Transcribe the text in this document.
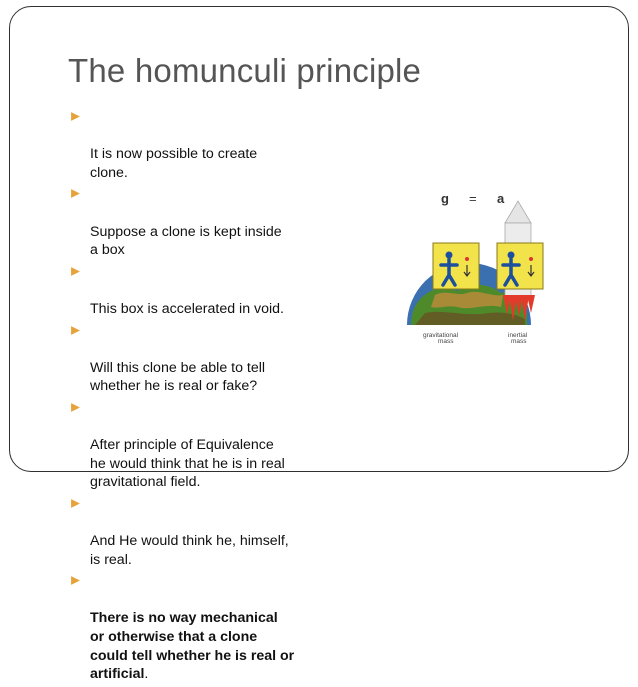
The homunculi principle

It is now possible to create
clone.

Suppose a clone is kept inside
a box

This box is accelerated in void.

Will this clone be able to tell
whether he is real or fake?

After principle of Equivalence
he would think that he is in real
gravitational field.

And He would think he, himself,
is real.

There is no way mechanical
or otherwise that a clone
could tell whether he is real or
artificial.

g = a
gravitational
mass
inertial
mass
